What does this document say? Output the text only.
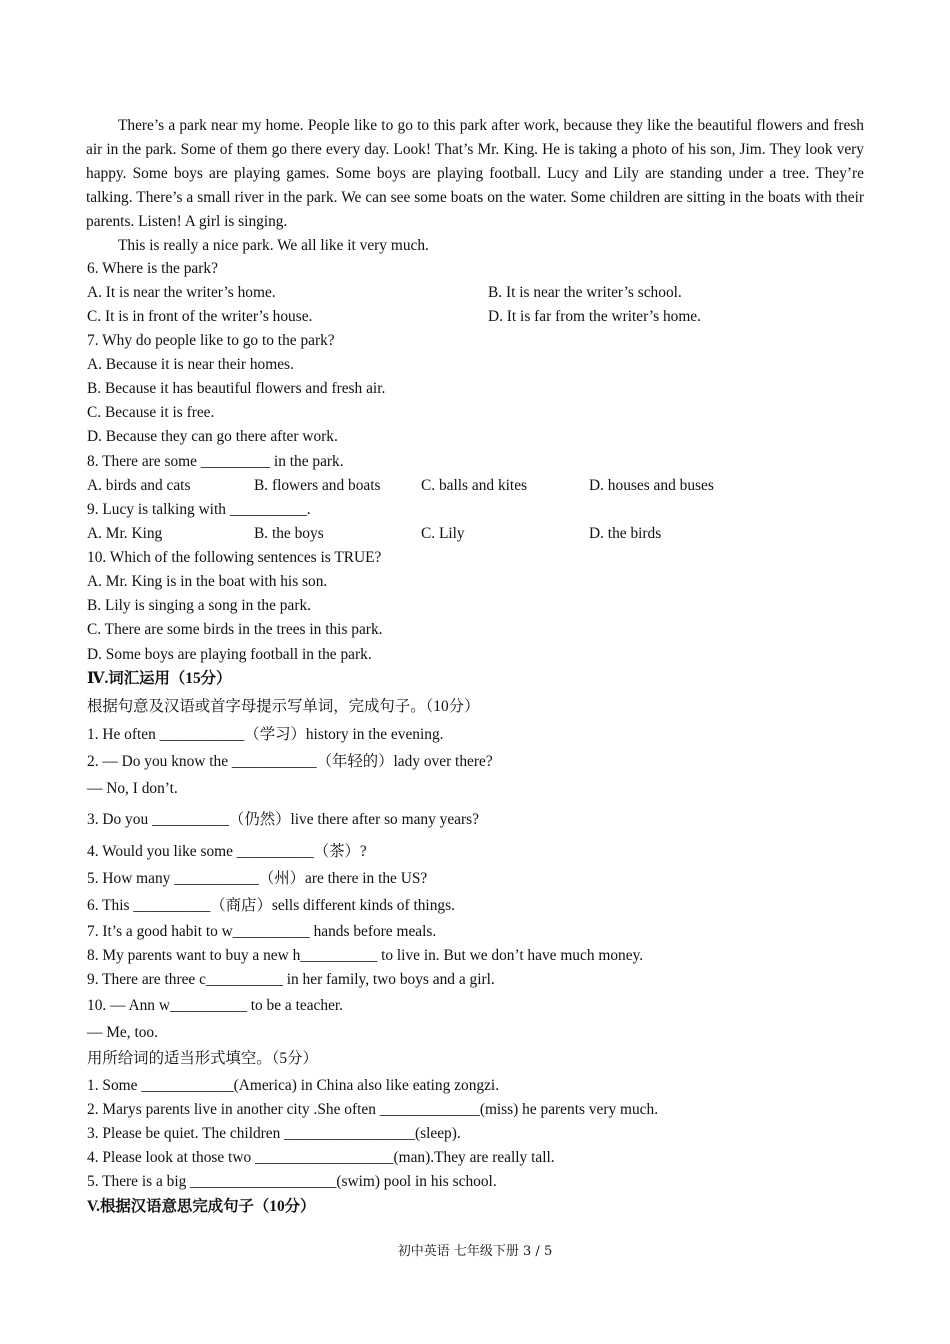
There’s a park near my home. People like to go to this park after work, because they like the beautiful flowers and fresh air in the park. Some of them go there every day. Look! That’s Mr. King. He is taking a photo of his son, Jim. They look very happy. Some boys are playing games. Some boys are playing football. Lucy and Lily are standing under a tree. They’re talking. There’s a small river in the park. We can see some boats on the water. Some children are sitting in the boats with their parents. Listen! A girl is singing.

This is really a nice park. We all like it very much.

6. Where is the park?
A. It is near the writer’s home.	B. It is near the writer’s school.
C. It is in front of the writer’s house.	D. It is far from the writer’s home.
7. Why do people like to go to the park?
A. Because it is near their homes.
B. Because it has beautiful flowers and fresh air.
C. Because it is free.
D. Because they can go there after work.
8. There are some _________ in the park.
A. birds and cats	B. flowers and boats	C. balls and kites	D. houses and buses
9. Lucy is talking with __________.
A. Mr. King	B. the boys	C. Lily	D. the birds
10. Which of the following sentences is TRUE?
A. Mr. King is in the boat with his son.
B. Lily is singing a song in the park.
C. There are some birds in the trees in this park.
D. Some boys are playing football in the park.
Ⅳ.词汇运用（15分）
根据句意及汉语或首字母提示写单词，完成句子。（10分）
1. He often ___________（学习）history in the evening.
2. — Do you know the ___________（年轻的）lady over there?
— No, I don’t.
3. Do you __________（仍然）live there after so many years?
4. Would you like some __________（茶）?
5. How many ___________（州）are there in the US?
6. This __________（商店）sells different kinds of things.
7. It’s a good habit to w__________ hands before meals.
8. My parents want to buy a new h__________ to live in. But we don’t have much money.
9. There are three c__________ in her family, two boys and a girl.
10. — Ann w__________ to be a teacher.
— Me, too.
用所给词的适当形式填空。（5分）
1. Some ____________(America) in China also like eating zongzi.
2. Marys parents live in another city .She often _____________(miss) he parents very much.
3. Please be quiet. The children _________________(sleep).
4. Please look at those two __________________(man).They are really tall.
5. There is a big ___________________(swim) pool in his school.
V.根据汉语意思完成句子（10分）
初中英语 七年级下册 3 / 5
